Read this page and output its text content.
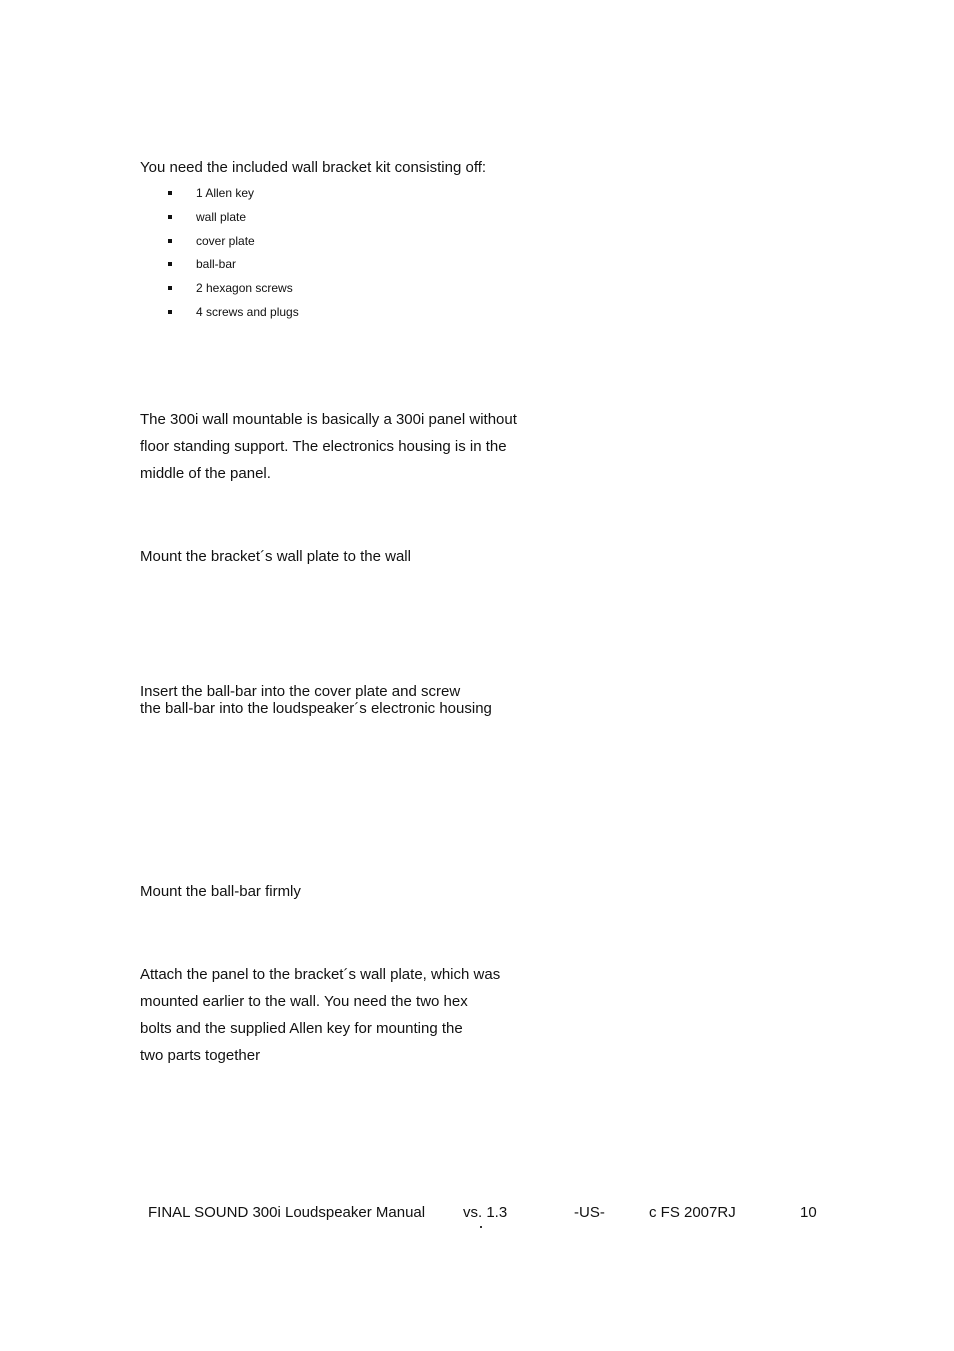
You need the included wall bracket kit consisting off:
1 Allen key
wall plate
cover plate
ball-bar
2 hexagon screws
4 screws and plugs
The 300i wall mountable is basically a 300i panel without
floor standing support. The electronics housing is in the
middle of the panel.
Mount the bracket´s wall plate to the wall
Insert the ball-bar into the cover plate and screw
the ball-bar into the loudspeaker´s electronic housing
Mount the ball-bar firmly
Attach the panel to the bracket´s wall plate, which was
mounted earlier to the wall. You need the two hex
bolts and the supplied Allen key for mounting the
two parts together
FINAL SOUND 300i Loudspeaker Manual	vs. 1.3	-US-	c FS 2007RJ	10
